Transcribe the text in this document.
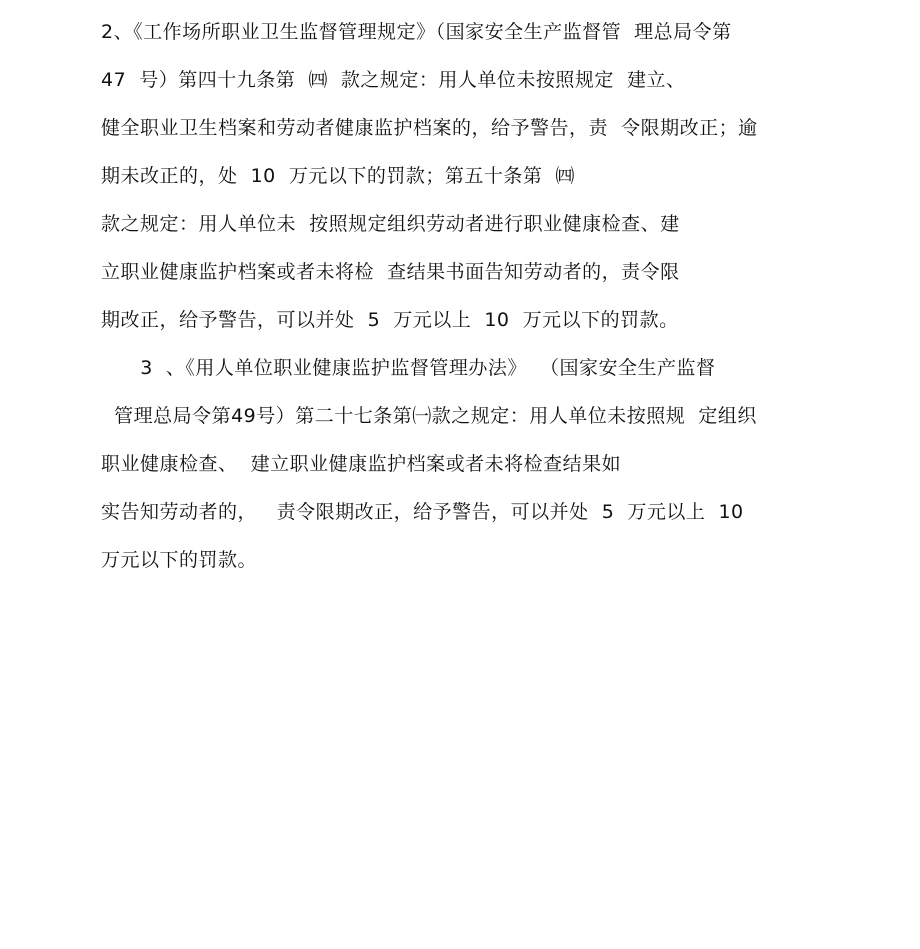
2、《工作场所职业卫生监督管理规定》（国家安全生产监督管  理总局令第
47  号）第四十九条第  ㈣  款之规定：用人单位未按照规定  建立、
健全职业卫生档案和劳动者健康监护档案的，给予警告，责  令限期改正；逾
期未改正的，处  10  万元以下的罚款；第五十条第  ㈣
款之规定：用人单位未  按照规定组织劳动者进行职业健康检查、建
立职业健康监护档案或者未将检  查结果书面告知劳动者的，责令限
期改正，给予警告，可以并处  5  万元以上  10  万元以下的罚款。
3  、《用人单位职业健康监护监督管理办法》  （国家安全生产监督
管理总局令第49号）第二十七条第㈠款之规定：用人单位未按照规  定组织
职业健康检查、  建立职业健康监护档案或者未将检查结果如
实告知劳动者的，   责令限期改正，给予警告，可以并处  5  万元以上  10
万元以下的罚款。
